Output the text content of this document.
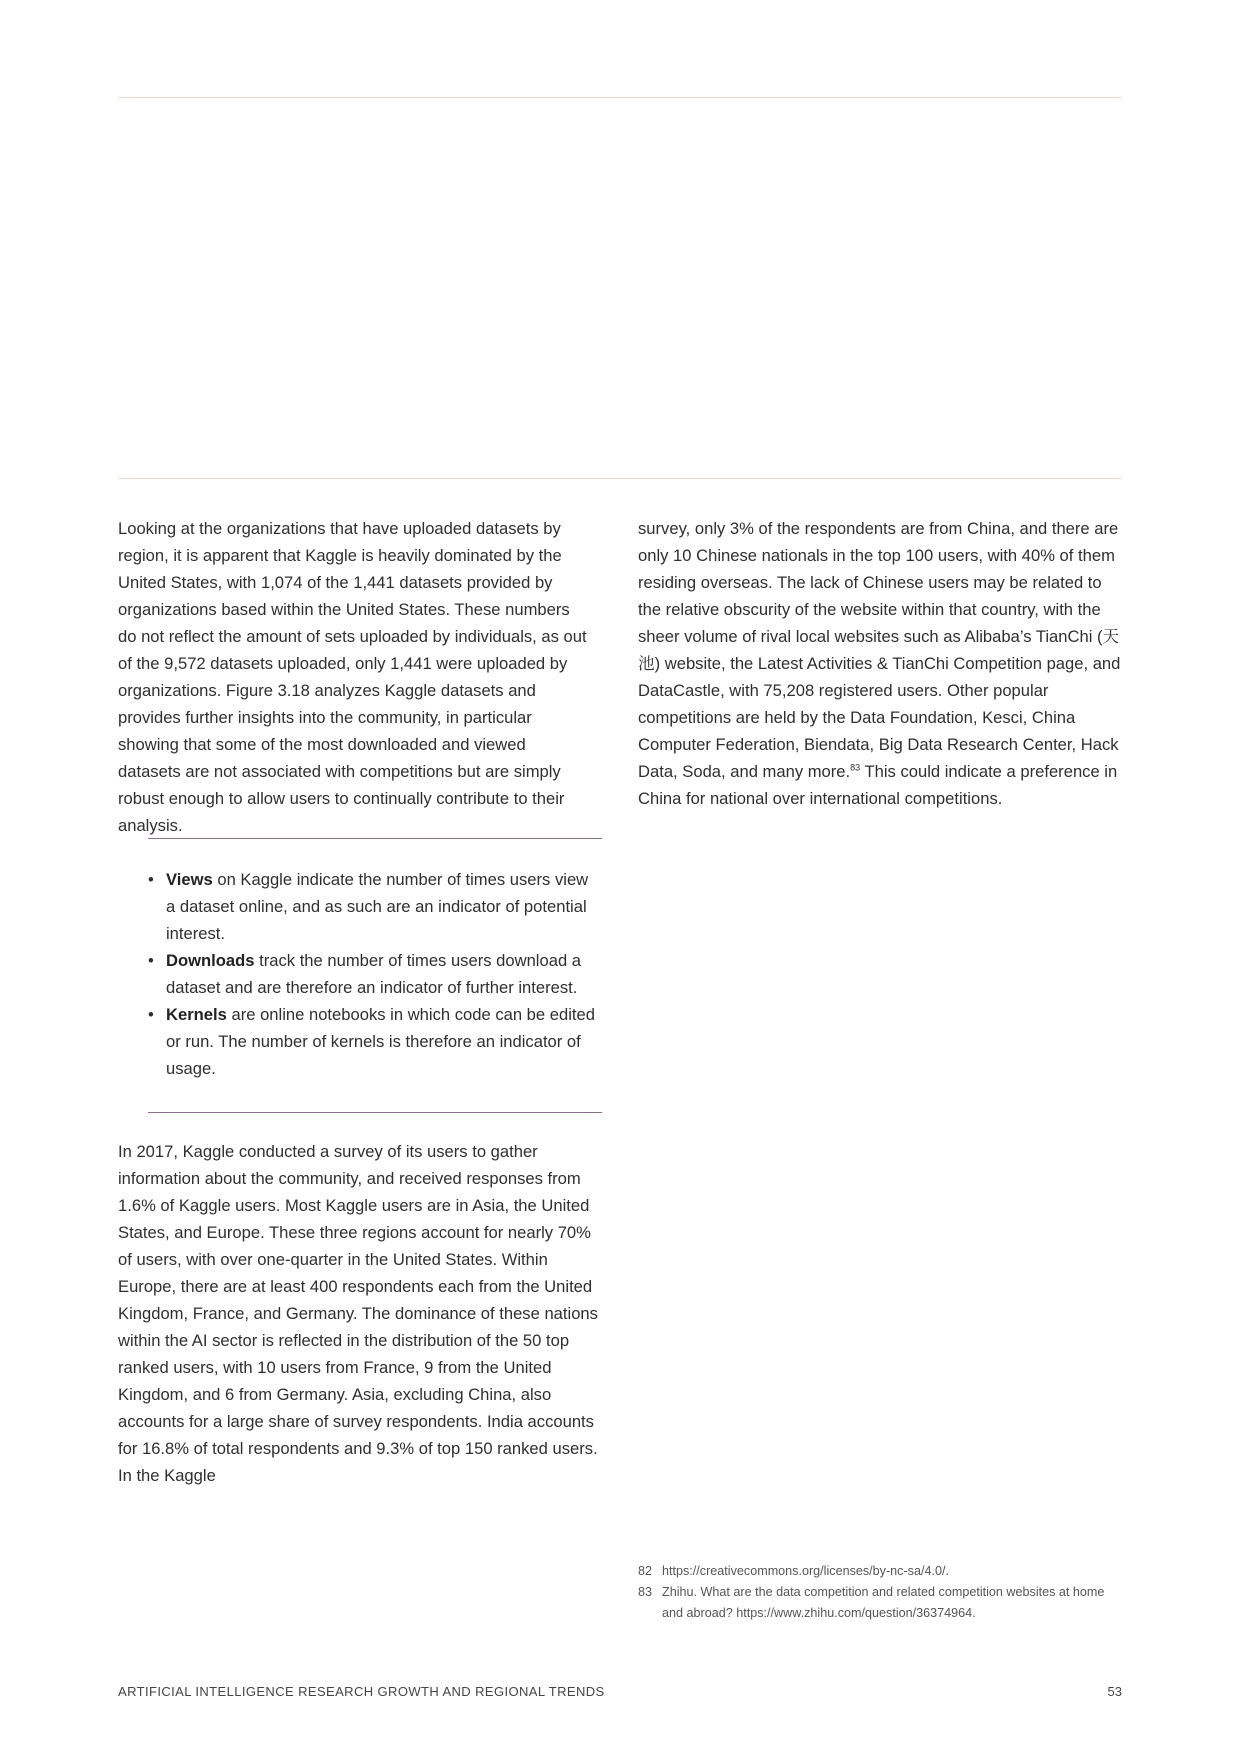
Looking at the organizations that have uploaded datasets by region, it is apparent that Kaggle is heavily dominated by the United States, with 1,074 of the 1,441 datasets provided by organizations based within the United States. These numbers do not reflect the amount of sets uploaded by individuals, as out of the 9,572 datasets uploaded, only 1,441 were uploaded by organizations. Figure 3.18 analyzes Kaggle datasets and provides further insights into the community, in particular showing that some of the most downloaded and viewed datasets are not associated with competitions but are simply robust enough to allow users to continually contribute to their analysis.

• Views on Kaggle indicate the number of times users view a dataset online, and as such are an indicator of potential interest.
• Downloads track the number of times users download a dataset and are therefore an indicator of further interest.
• Kernels are online notebooks in which code can be edited or run. The number of kernels is therefore an indicator of usage.

In 2017, Kaggle conducted a survey of its users to gather information about the community, and received responses from 1.6% of Kaggle users. Most Kaggle users are in Asia, the United States, and Europe. These three regions account for nearly 70% of users, with over one-quarter in the United States. Within Europe, there are at least 400 respondents each from the United Kingdom, France, and Germany. The dominance of these nations within the AI sector is reflected in the distribution of the 50 top ranked users, with 10 users from France, 9 from the United Kingdom, and 6 from Germany. Asia, excluding China, also accounts for a large share of survey respondents. India accounts for 16.8% of total respondents and 9.3% of top 150 ranked users. In the Kaggle

survey, only 3% of the respondents are from China, and there are only 10 Chinese nationals in the top 100 users, with 40% of them residing overseas. The lack of Chinese users may be related to the relative obscurity of the website within that country, with the sheer volume of rival local websites such as Alibaba’s TianChi (天池) website, the Latest Activities & TianChi Competition page, and DataCastle, with 75,208 registered users. Other popular competitions are held by the Data Foundation, Kesci, China Computer Federation, Biendata, Big Data Research Center, Hack Data, Soda, and many more.$^{83}$ This could indicate a preference in China for national over international competitions.

82 https://creativecommons.org/licenses/by-nc-sa/4.0/.
83 Zhihu. What are the data competition and related competition websites at home and abroad? https://www.zhihu.com/question/36374964.
ARTIFICIAL INTELLIGENCE RESEARCH GROWTH AND REGIONAL TRENDS	53
